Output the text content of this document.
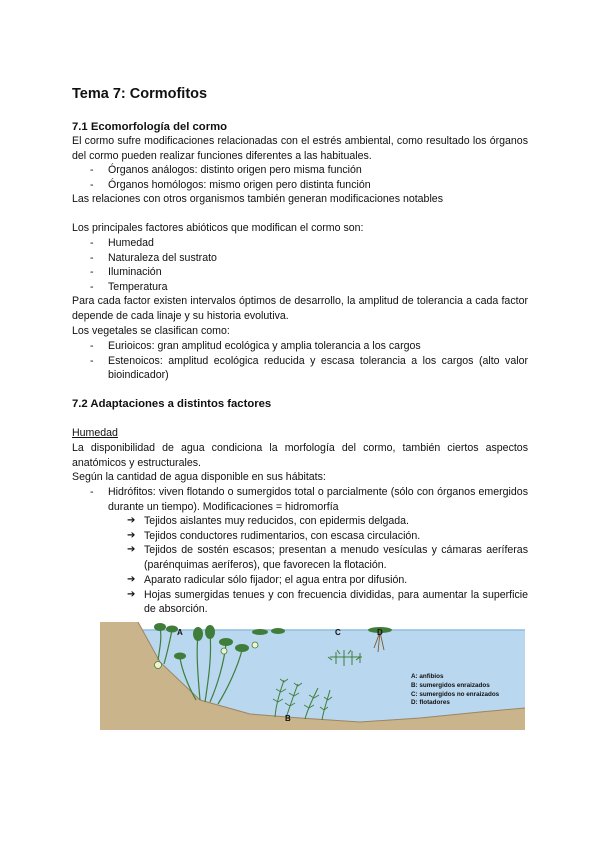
Tema 7: Cormofitos
7.1 Ecomorfología del cormo
El cormo sufre modificaciones relacionadas con el estrés ambiental, como resultado los órganos del cormo pueden realizar funciones diferentes a las habituales.
- Órganos análogos: distinto origen pero misma función
- Órganos homólogos: mismo origen pero distinta función
Las relaciones con otros organismos también generan modificaciones notables
Los principales factores abióticos que modifican el cormo son:
- Humedad
- Naturaleza del sustrato
- Iluminación
- Temperatura
Para cada factor existen intervalos óptimos de desarrollo, la amplitud de tolerancia a cada factor depende de cada linaje y su historia evolutiva.
Los vegetales se clasifican como:
- Eurioicos: gran amplitud ecológica y amplia tolerancia a los cargos
- Estenoicos: amplitud ecológica reducida y escasa tolerancia a los cargos (alto valor bioindicador)
7.2 Adaptaciones a distintos factores
Humedad
La disponibilidad de agua condiciona la morfología del cormo, también ciertos aspectos anatómicos y estructurales.
Según la cantidad de agua disponible en sus hábitats:
- Hidrófitos: viven flotando o sumergidos total o parcialmente (sólo con órganos emergidos durante un tiempo). Modificaciones = hidromorfía
➔ Tejidos aislantes muy reducidos, con epidermis delgada.
➔ Tejidos conductores rudimentarios, con escasa circulación.
➔ Tejidos de sostén escasos; presentan a menudo vesículas y cámaras aeríferas (parénquimas aeríferos), que favorecen la flotación.
➔ Aparato radicular sólo fijador; el agua entra por difusión.
➔ Hojas sumergidas tenues y con frecuencia divididas, para aumentar la superficie de absorción.
A
B
C	D
A: anfibios
B: sumergidos enraizados
C: sumergidos no enraizados
D: flotadores
